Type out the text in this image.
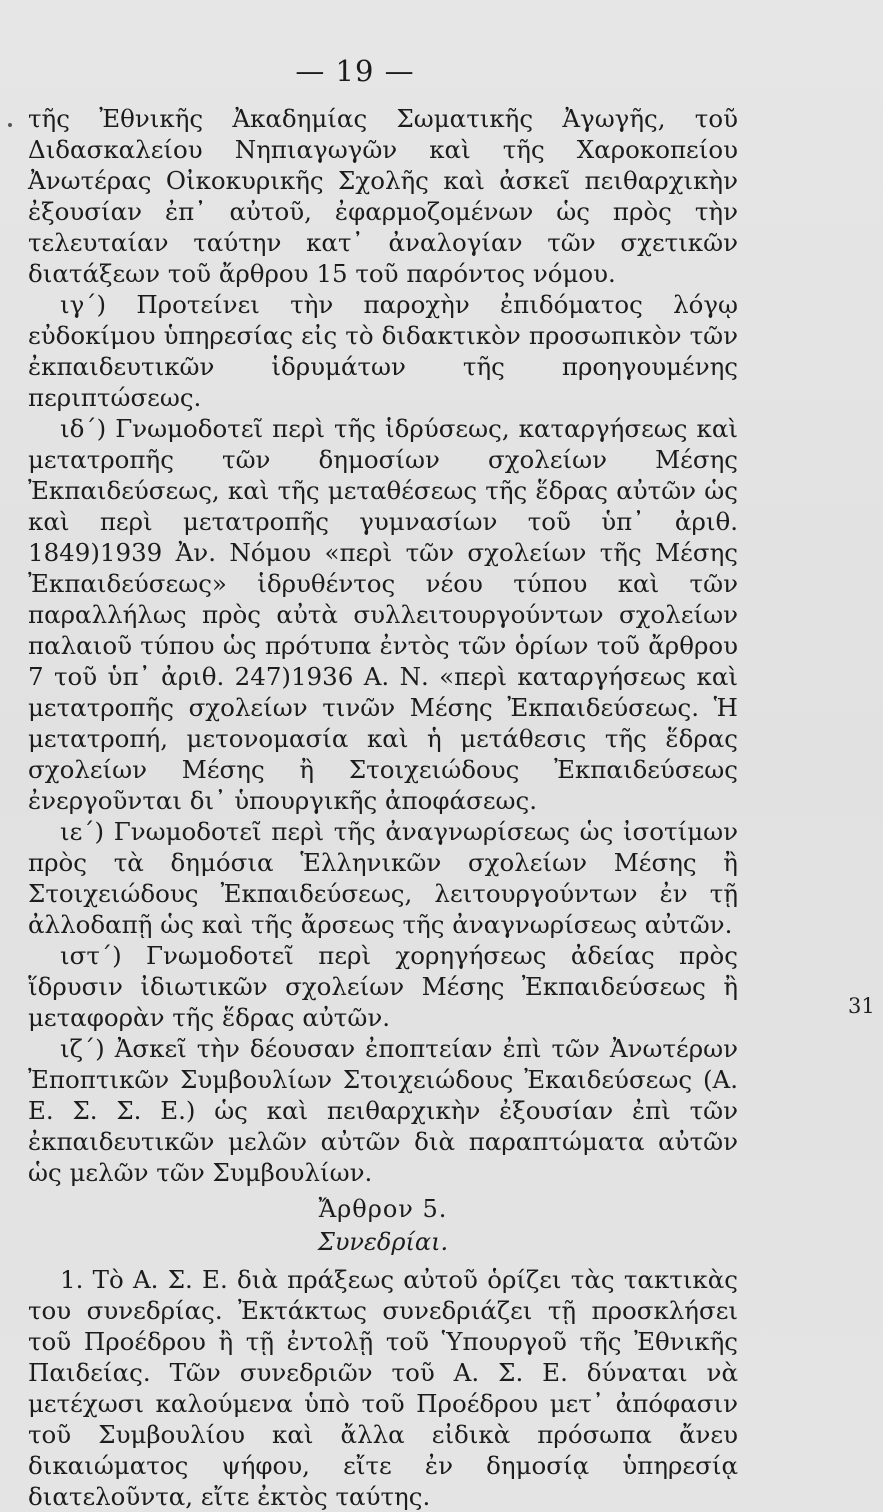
— 19 —

τῆς Ἐθνικῆς Ἀκαδημίας Σωματικῆς Ἀγωγῆς, τοῦ Διδασκαλείου Νηπιαγωγῶν καὶ τῆς Χαροκοπείου Ἀνωτέρας Οἰκοκυρικῆς Σχολῆς καὶ ἀσκεῖ πειθαρχικὴν ἐξουσίαν ἐπ᾽ αὐτοῦ, ἐφαρμοζομένων ὡς πρὸς τὴν τελευταίαν ταύτην κατ᾽ ἀναλογίαν τῶν σχετικῶν διατάξεων τοῦ ἄρθρου 15 τοῦ παρόντος νόμου.

ιγ´) Προτείνει τὴν παροχὴν ἐπιδόματος λόγῳ εὐδοκίμου ὑπηρεσίας εἰς τὸ διδακτικὸν προσωπικὸν τῶν ἐκπαιδευτικῶν ἱδρυμάτων τῆς προηγουμένης περιπτώσεως.

ιδ´) Γνωμοδοτεῖ περὶ τῆς ἱδρύσεως, καταργήσεως καὶ μετατροπῆς τῶν δημοσίων σχολείων Μέσης Ἐκπαιδεύσεως, καὶ τῆς μεταθέσεως τῆς ἕδρας αὐτῶν ὡς καὶ περὶ μετατροπῆς γυμνασίων τοῦ ὑπ᾽ ἀριθ. 1849)1939 Ἀν. Νόμου «περὶ τῶν σχολείων τῆς Μέσης Ἐκπαιδεύσεως» ἱδρυθέντος νέου τύπου καὶ τῶν παραλλήλως πρὸς αὐτὰ συλλειτουργούντων σχολείων παλαιοῦ τύπου ὡς πρότυπα ἐντὸς τῶν ὁρίων τοῦ ἄρθρου 7 τοῦ ὑπ᾽ ἀριθ. 247)1936 Α. Ν. «περὶ καταργήσεως καὶ μετατροπῆς σχολείων τινῶν Μέσης Ἐκπαιδεύσεως. Ἡ μετατροπή, μετονομασία καὶ ἡ μετάθεσις τῆς ἕδρας σχολείων Μέσης ἢ Στοιχειώδους Ἐκπαιδεύσεως ἐνεργοῦνται δι᾽ ὑπουργικῆς ἀποφάσεως.

ιε´) Γνωμοδοτεῖ περὶ τῆς ἀναγνωρίσεως ὡς ἰσοτίμων πρὸς τὰ δημόσια Ἑλληνικῶν σχολείων Μέσης ἢ Στοιχειώδους Ἐκπαιδεύσεως, λειτουργούντων ἐν τῇ ἀλλοδαπῇ ὡς καὶ τῆς ἄρσεως τῆς ἀναγνωρίσεως αὐτῶν.

ιστ´) Γνωμοδοτεῖ περὶ χορηγήσεως ἀδείας πρὸς ἵδρυσιν ἰδιωτικῶν σχολείων Μέσης Ἐκπαιδεύσεως ἢ μεταφορὰν τῆς ἕδρας αὐτῶν.

ιζ´) Ἀσκεῖ τὴν δέουσαν ἐποπτείαν ἐπὶ τῶν Ἀνωτέρων Ἐποπτικῶν Συμβουλίων Στοιχειώδους Ἐκαιδεύσεως (Α. Ε. Σ. Σ. Ε.) ὡς καὶ πειθαρχικὴν ἐξουσίαν ἐπὶ τῶν ἐκπαιδευτικῶν μελῶν αὐτῶν διὰ παραπτώματα αὐτῶν ὡς μελῶν τῶν Συμβουλίων.

Ἄρθρον 5.

Συνεδρίαι.

1. Τὸ Α. Σ. Ε. διὰ πράξεως αὐτοῦ ὁρίζει τὰς τακτικὰς του συνεδρίας. Ἐκτάκτως συνεδριάζει τῇ προσκλήσει τοῦ Προέδρου ἢ τῇ ἐντολῇ τοῦ Ὑπουργοῦ τῆς Ἐθνικῆς Παιδείας. Τῶν συνεδριῶν τοῦ Α. Σ. Ε. δύναται νὰ μετέχωσι καλούμενα ὑπὸ τοῦ Προέδρου μετ᾽ ἀπόφασιν τοῦ Συμβουλίου καὶ ἄλλα εἰδικὰ πρόσωπα ἄνευ δικαιώματος ψήφου, εἴτε ἐν δημοσίᾳ ὑπηρεσίᾳ διατελοῦντα, εἴτε ἐκτὸς ταύτης.

31
